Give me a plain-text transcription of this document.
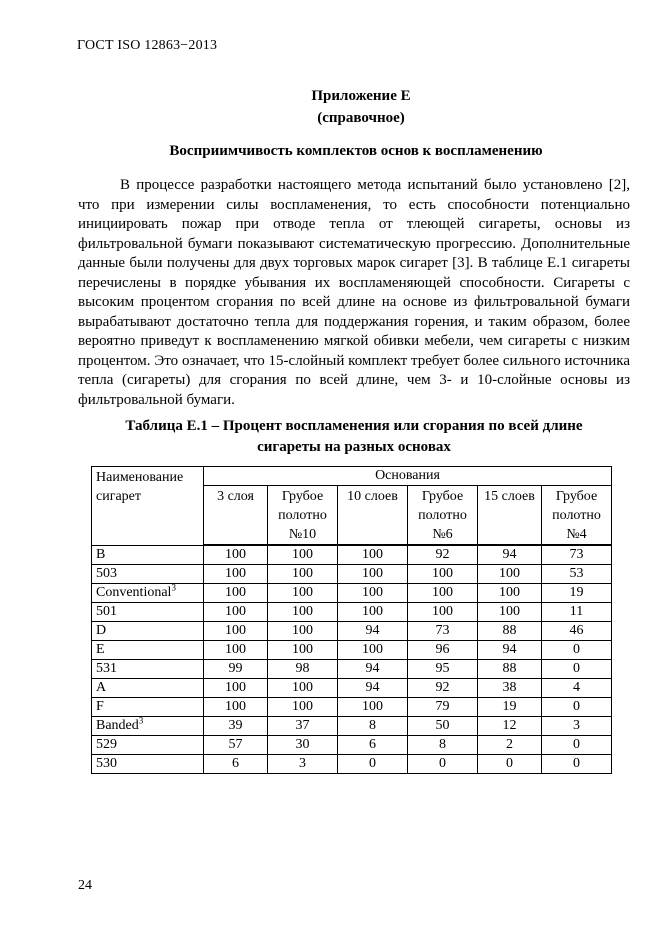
ГОСТ ISO 12863−2013
Приложение Е
(справочное)
Восприимчивость комплектов основ к воспламенению

В процессе разработки настоящего метода испытаний было установлено [2], что при измерении силы воспламенения, то есть способности потенциально инициировать пожар при отводе тепла от тлеющей сигареты, основы из фильтровальной бумаги показывают систематическую прогрессию. Дополнительные данные были получены для двух торговых марок сигарет [3]. В таблице Е.1 сигареты перечислены в порядке убывания их воспламеняющей способности. Сигареты с высоким процентом сгорания по всей длине на основе из фильтровальной бумаги вырабатывают достаточно тепла для поддержания горения, и таким образом, более вероятно приведут к воспламенению мягкой обивки мебели, чем сигареты с низким процентом. Это означает, что 15-слойный комплект требует более сильного источника тепла (сигареты) для сгорания по всей длине, чем 3- и 10-слойные основы из фильтровальной бумаги.

Таблица Е.1 – Процент воспламенения или сгорания по всей длине
сигареты на разных основах
Наименование сигарет	Основания					
	3 слоя	Грубое полотно №10	10 слоев	Грубое полотно №6	15 слоев	Грубое полотно №4
B	100	100	100	92	94	73
503	100	100	100	100	100	53
Conventional$^3$	100	100	100	100	100	19
501	100	100	100	100	100	11
D	100	100	94	73	88	46
E	100	100	100	96	94	0
531	99	98	94	95	88	0
A	100	100	94	92	38	4
F	100	100	100	79	19	0
Banded$^3$	39	37	8	50	12	3
529	57	30	6	8	2	0
530	6	3	0	0	0	0
24
